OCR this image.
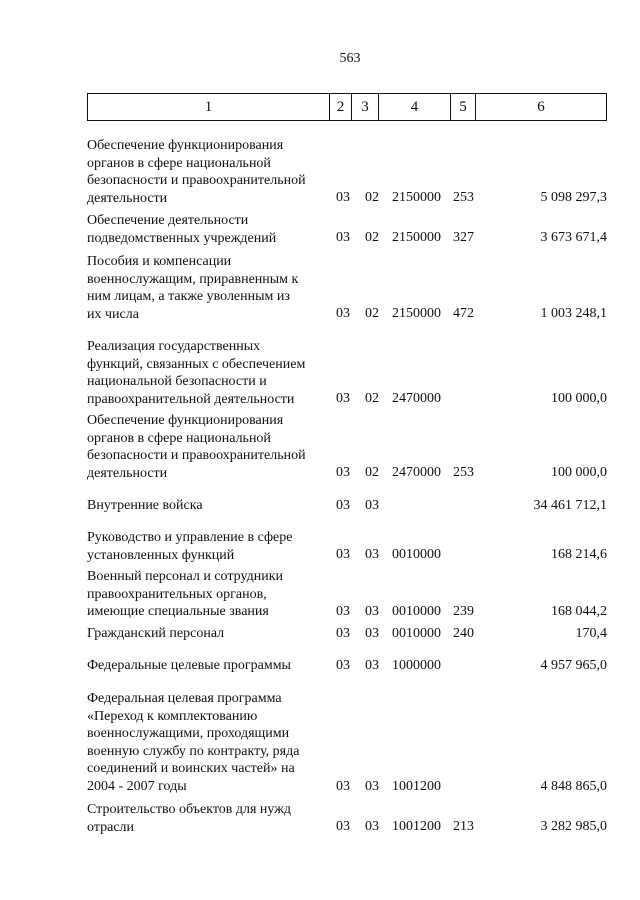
563
1	2	3	4	5	6
Обеспечение функционирования
органов в сфере национальной
безопасности и правоохранительной
деятельности	03 02 2150000 253	5 098 297,3
Обеспечение деятельности
подведомственных учреждений	03 02 2150000 327	3 673 671,4
Пособия и компенсации
военнослужащим, приравненным к
ним лицам, а также уволенным из
их числа	03 02 2150000 472	1 003 248,1
Реализация государственных
функций, связанных с обеспечением
национальной безопасности и
правоохранительной деятельности	03 02 2470000	100 000,0
Обеспечение функционирования
органов в сфере национальной
безопасности и правоохранительной
деятельности	03 02 2470000 253	100 000,0
Внутренние войска	03 03	34 461 712,1
Руководство и управление в сфере
установленных функций	03 03 0010000	168 214,6
Военный персонал и сотрудники
правоохранительных органов,
имеющие специальные звания	03 03 0010000 239	168 044,2
Гражданский персонал	03 03 0010000 240	170,4
Федеральные целевые программы	03 03 1000000	4 957 965,0
Федеральная целевая программа
«Переход к комплектованию
военнослужащими, проходящими
военную службу по контракту, ряда
соединений и воинских частей» на
2004 - 2007 годы	03 03 1001200	4 848 865,0
Строительство объектов для нужд
отрасли	03 03 1001200 213	3 282 985,0
